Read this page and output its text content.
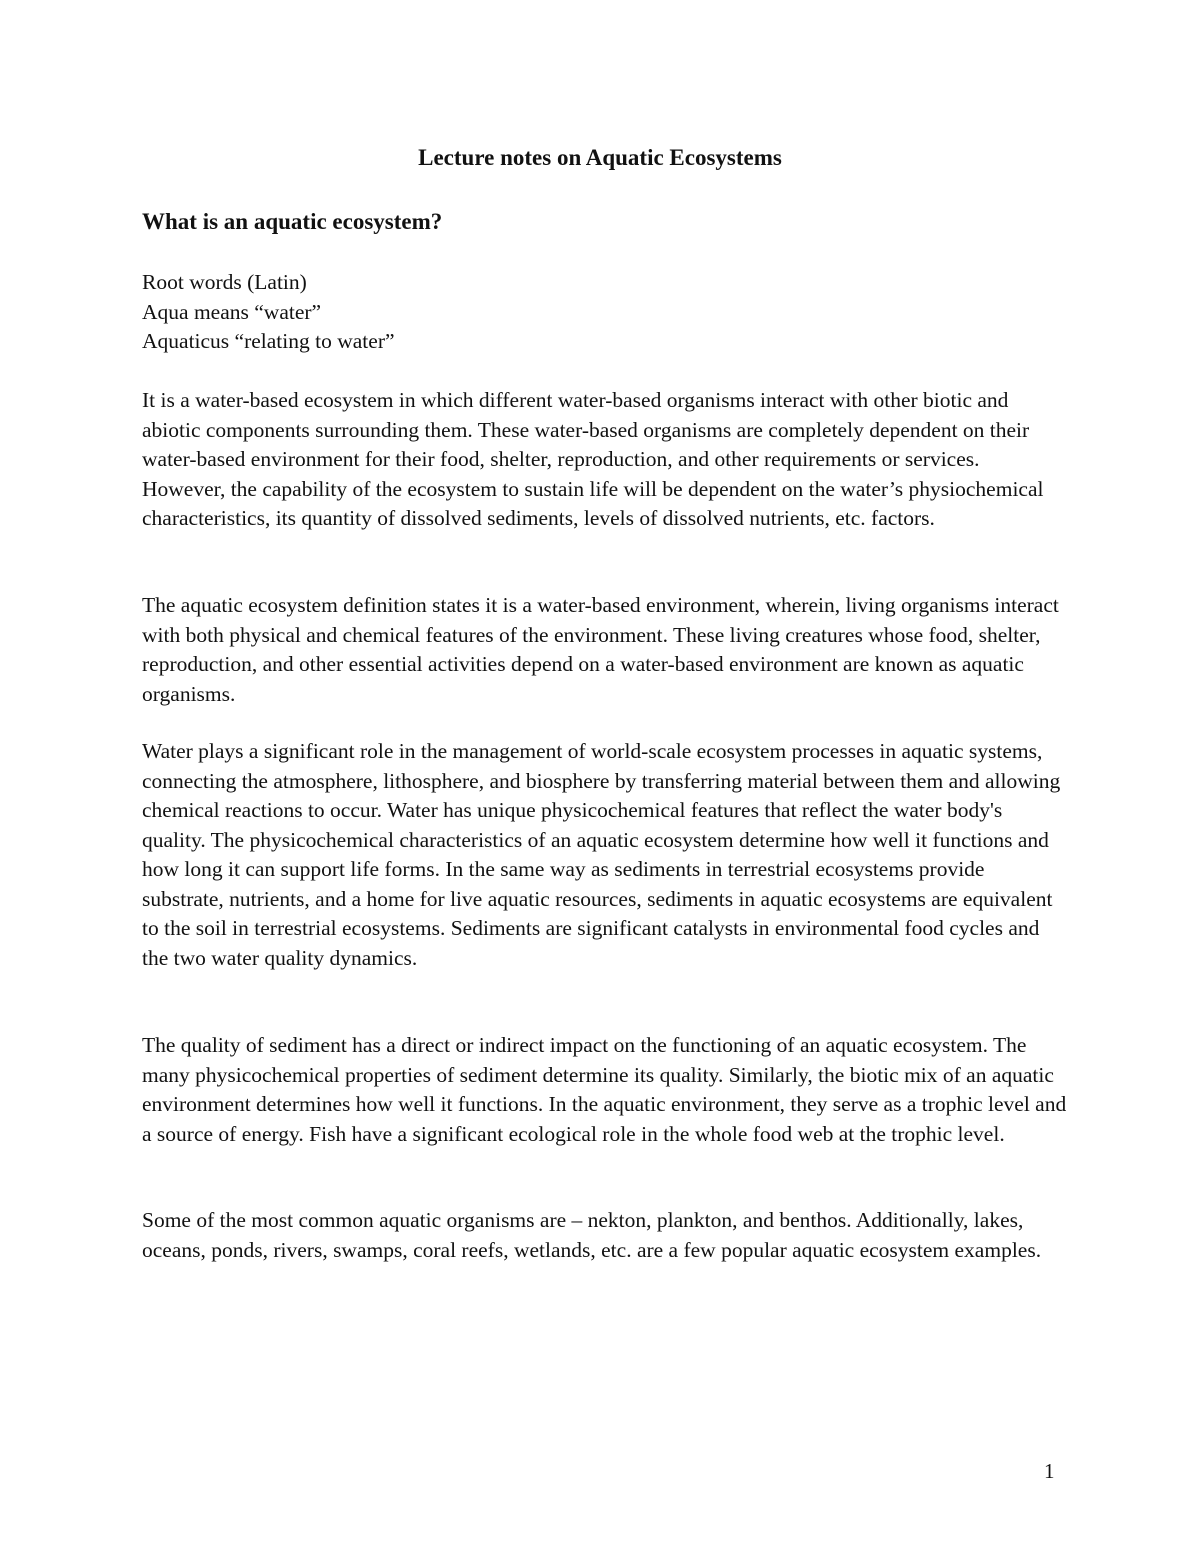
Lecture notes on Aquatic Ecosystems
What is an aquatic ecosystem?
Root words (Latin)
Aqua means “water”
Aquaticus “relating to water”

It is a water-based ecosystem in which different water-based organisms interact with other biotic and abiotic components surrounding them. These water-based organisms are completely dependent on their water-based environment for their food, shelter, reproduction, and other requirements or services. However, the capability of the ecosystem to sustain life will be dependent on the water’s physiochemical characteristics, its quantity of dissolved sediments, levels of dissolved nutrients, etc. factors.

The aquatic ecosystem definition states it is a water-based environment, wherein, living organisms interact with both physical and chemical features of the environment. These living creatures whose food, shelter, reproduction, and other essential activities depend on a water-based environment are known as aquatic organisms.

Water plays a significant role in the management of world-scale ecosystem processes in aquatic systems, connecting the atmosphere, lithosphere, and biosphere by transferring material between them and allowing chemical reactions to occur. Water has unique physicochemical features that reflect the water body's quality. The physicochemical characteristics of an aquatic ecosystem determine how well it functions and how long it can support life forms. In the same way as sediments in terrestrial ecosystems provide substrate, nutrients, and a home for live aquatic resources, sediments in aquatic ecosystems are equivalent to the soil in terrestrial ecosystems. Sediments are significant catalysts in environmental food cycles and the two water quality dynamics.

The quality of sediment has a direct or indirect impact on the functioning of an aquatic ecosystem. The many physicochemical properties of sediment determine its quality. Similarly, the biotic mix of an aquatic environment determines how well it functions. In the aquatic environment, they serve as a trophic level and a source of energy. Fish have a significant ecological role in the whole food web at the trophic level.

Some of the most common aquatic organisms are – nekton, plankton, and benthos. Additionally, lakes, oceans, ponds, rivers, swamps, coral reefs, wetlands, etc. are a few popular aquatic ecosystem examples.

1
